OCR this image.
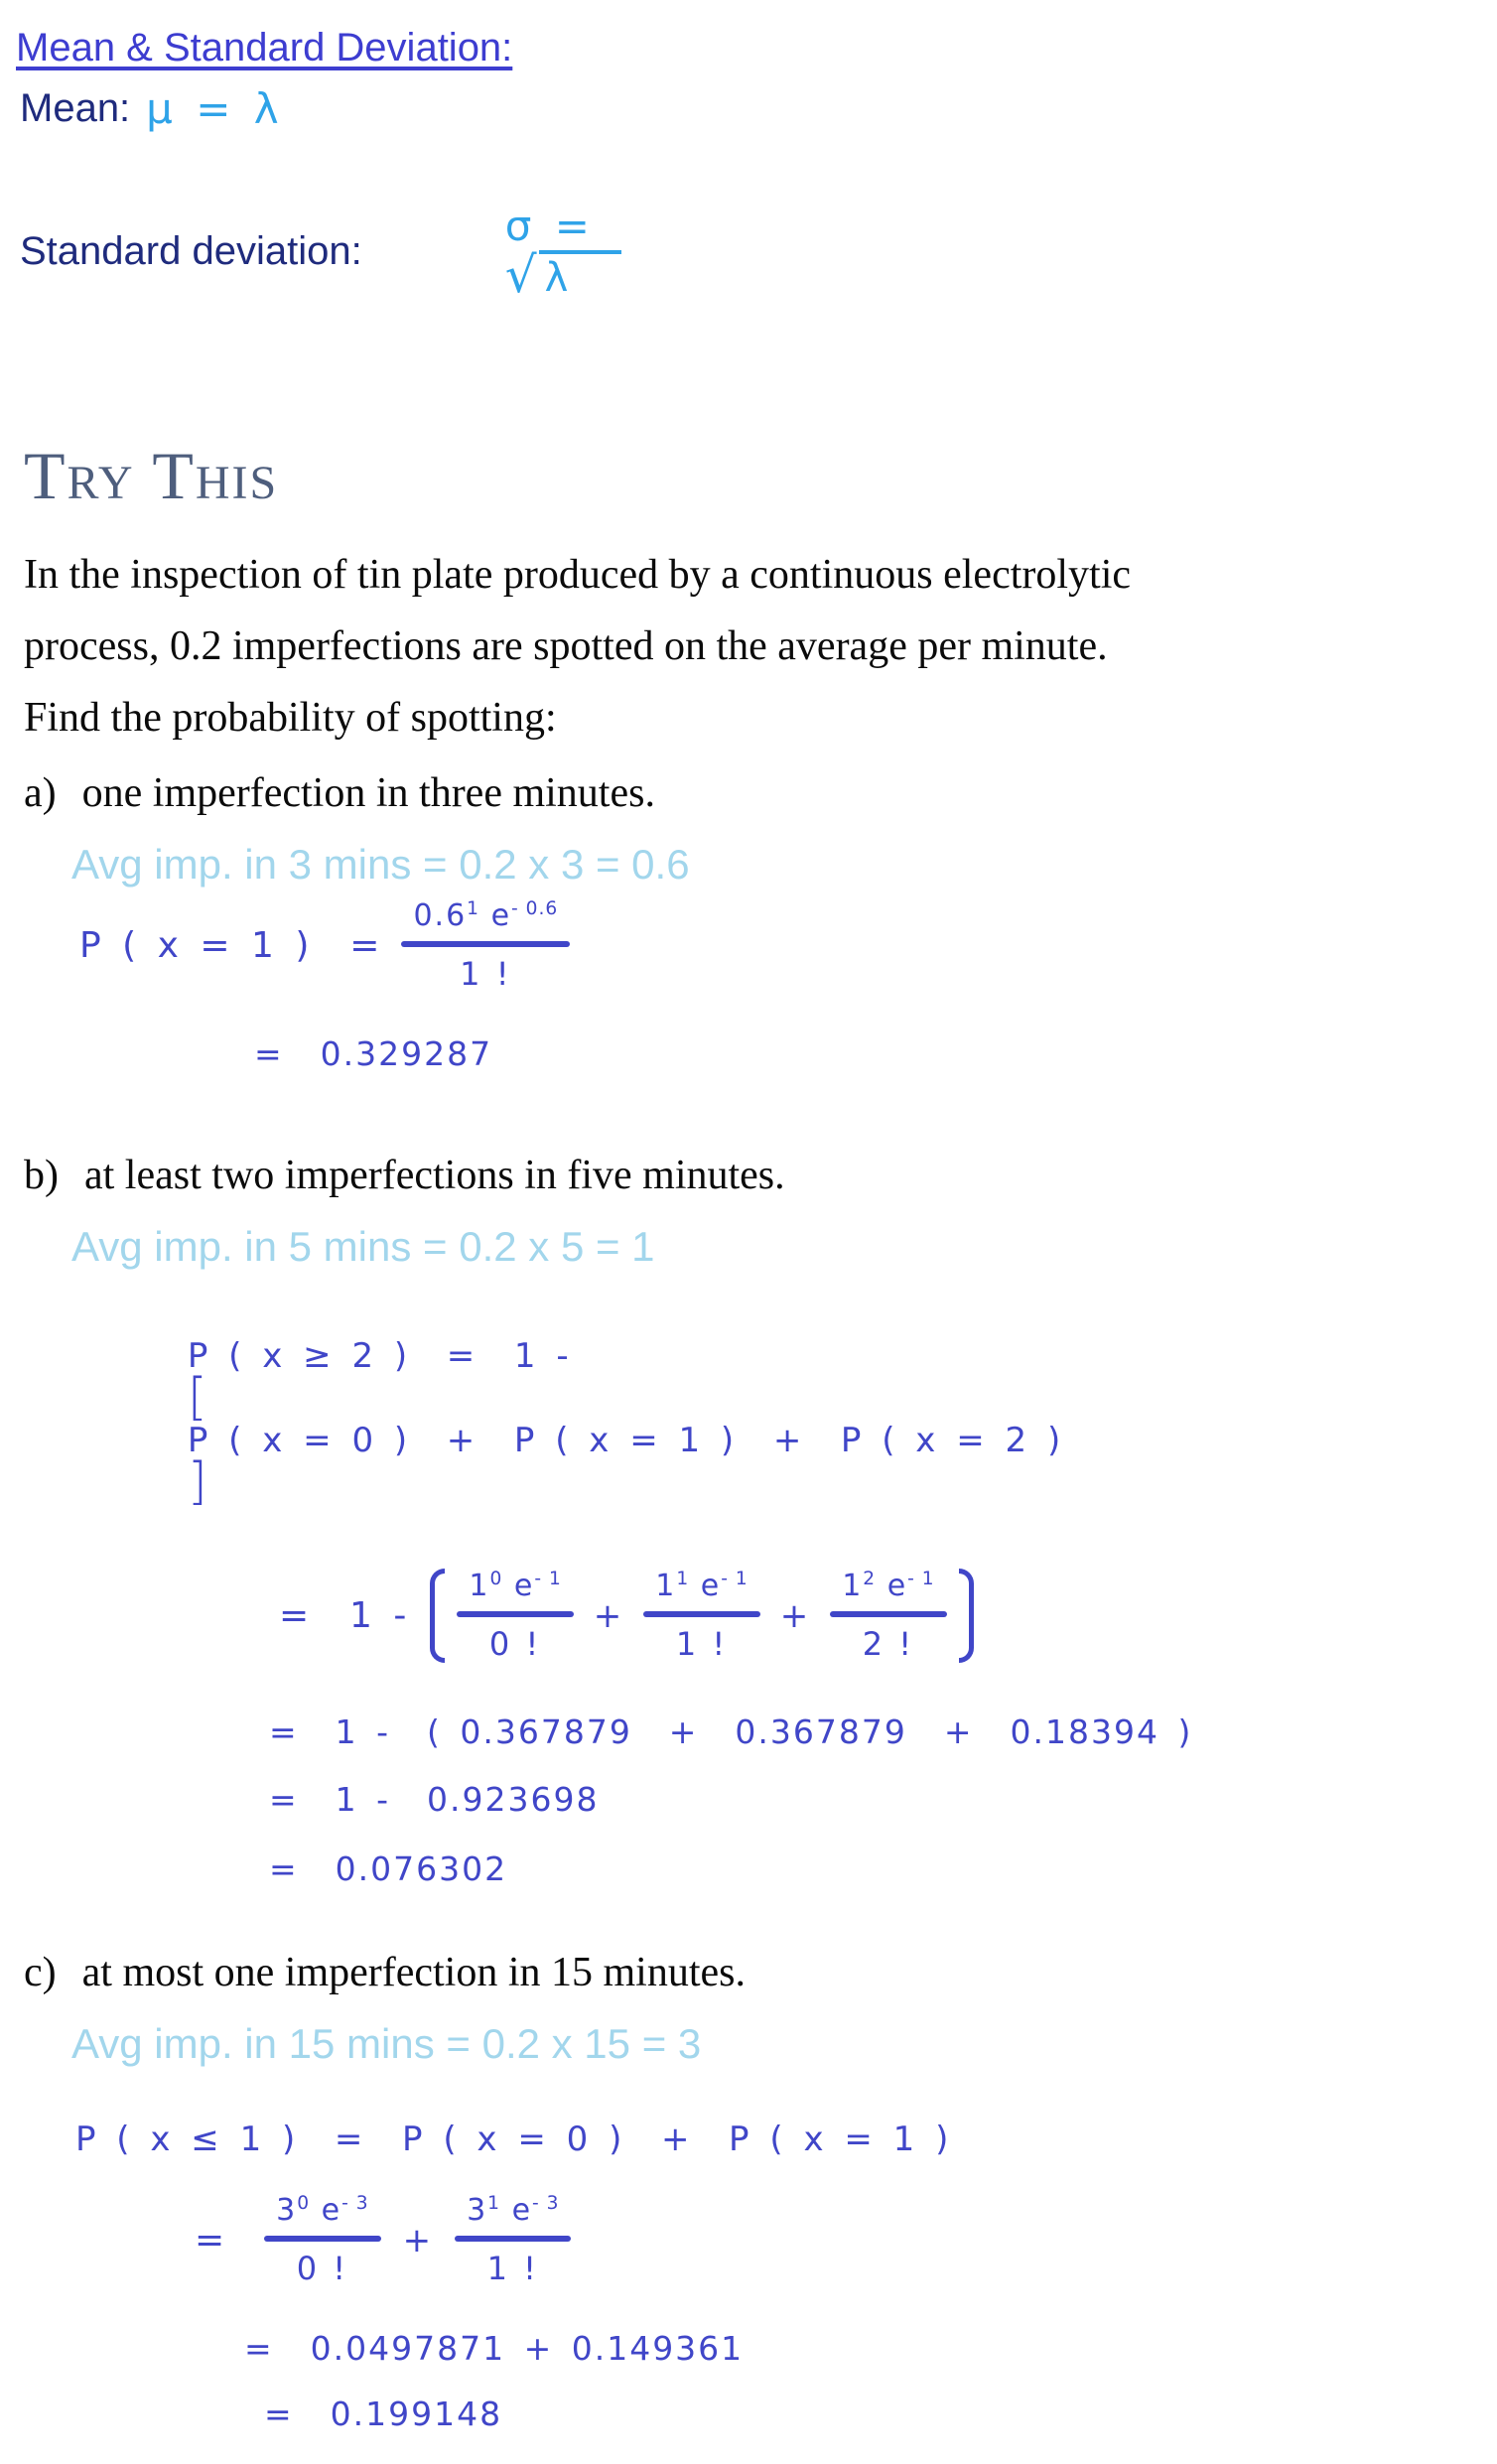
Mean & Standard Deviation:
Mean: μ = λ
Standard deviation:

σ =

√ λ

Try This
In the inspection of tin plate produced by a continuous electrolytic
process, 0.2 imperfections are spotted on the average per minute.
Find the probability of spotting:
a) one imperfection in three minutes.
Avg imp. in 3 mins = 0.2 x 3 = 0.6
P ( x = 1 )  =
$0.6^1$ $e^{- 0.6}$
1 !
=  0.329287
b) at least two imperfections in five minutes.
Avg imp. in 5 mins = 0.2 x 5 = 1

P ( x ≥ 2 )  =  1 -
[
P ( x = 0 )  +  P ( x = 1 )  +  P ( x = 2 )
]

=  1 -
$1^0$ $e^{- 1}$
0 !
+
$1^1$ $e^{- 1}$
1 !
+
$1^2$ $e^{- 1}$
2 !
=  1 -  ( 0.367879  +  0.367879  +  0.18394 )
=  1 -  0.923698
=  0.076302
c) at most one imperfection in 15 minutes.
Avg imp. in 15 mins = 0.2 x 15 = 3
P ( x ≤ 1 )  =  P ( x = 0 )  +  P ( x = 1 )
=
$3^0$ $e^{- 3}$
0 !
+
$3^1$ $e^{- 3}$
1 !
=  0.0497871 + 0.149361
=  0.199148
